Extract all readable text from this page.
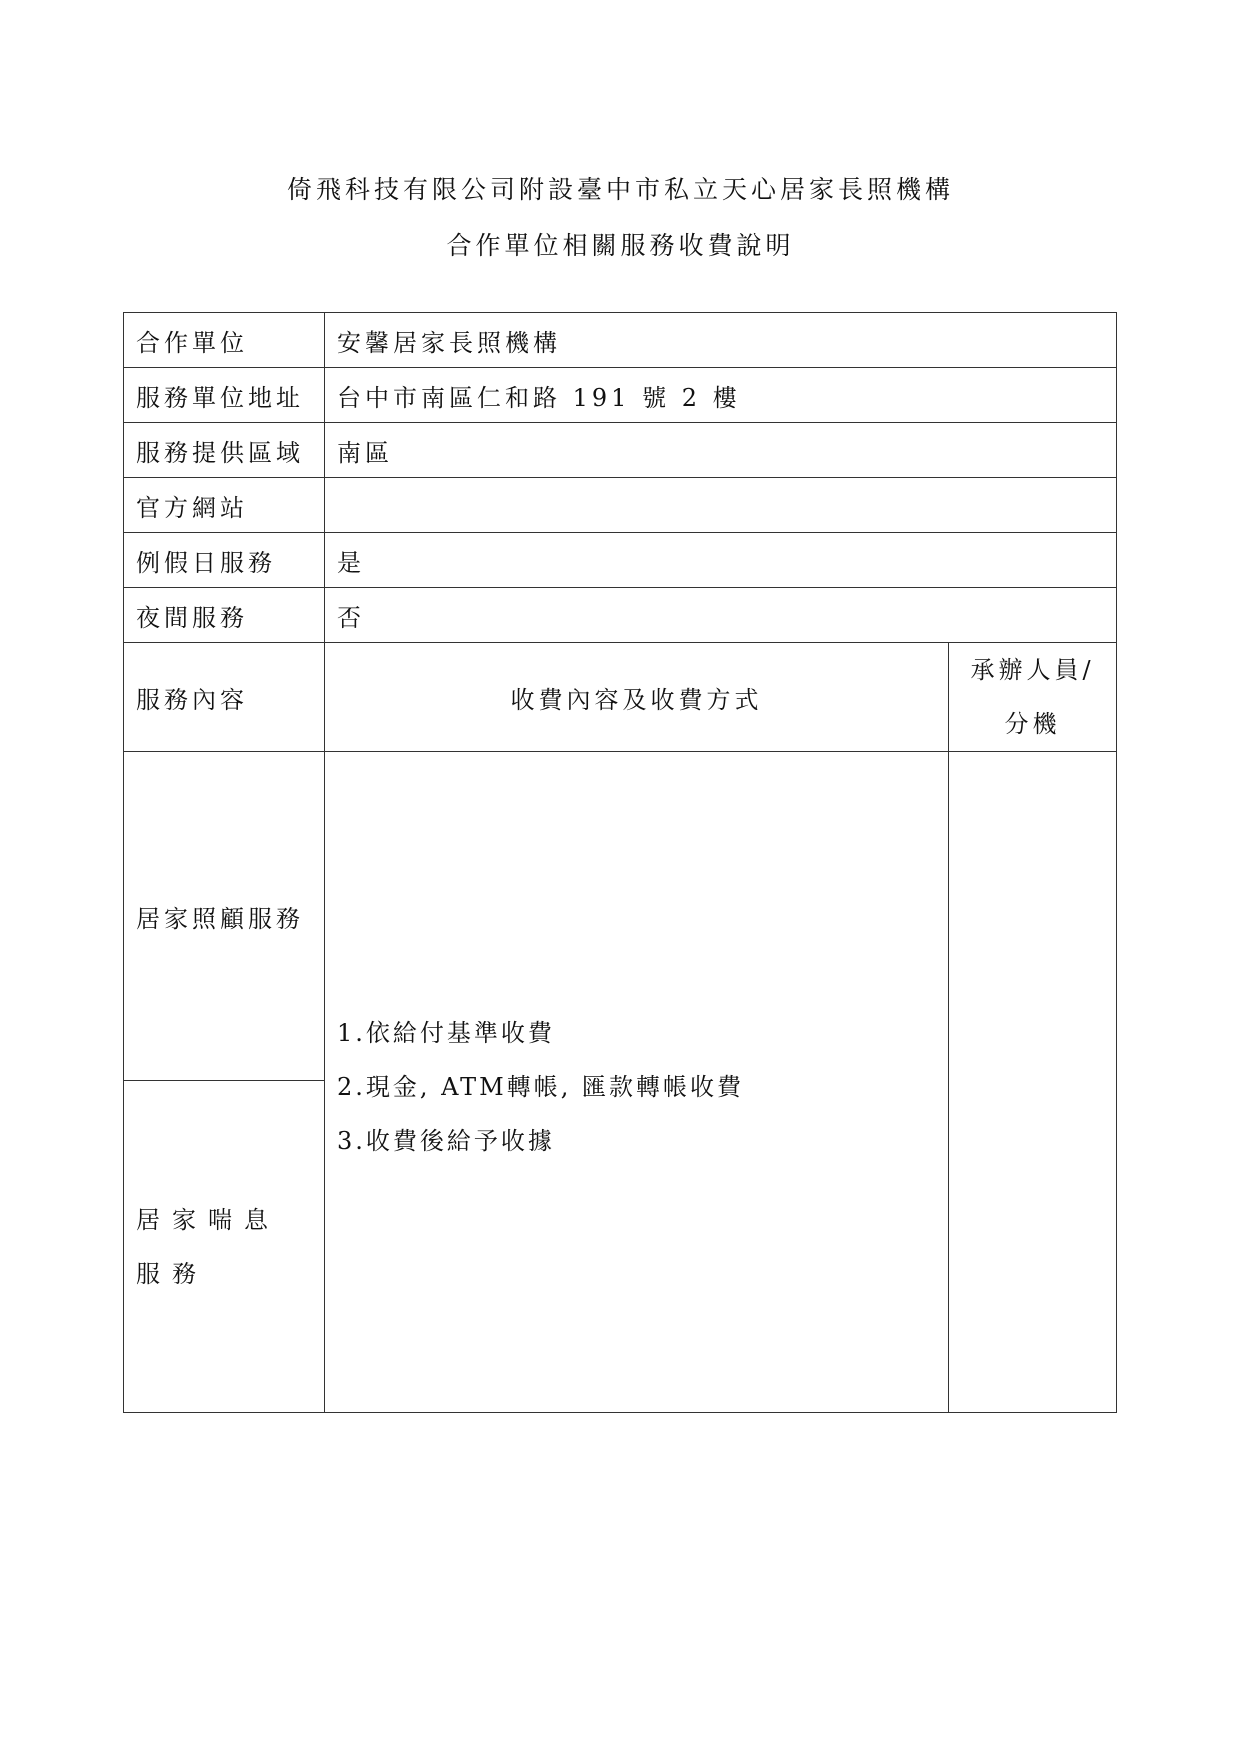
倚飛科技有限公司附設臺中市私立天心居家長照機構
合作單位相關服務收費說明
合作單位	安馨居家長照機構	
服務單位地址	台中市南區仁和路 191 號 2 樓	
服務提供區域	南區	
官方網站		
例假日服務	是	
夜間服務	否	
服務內容	收費內容及收費方式	承辦人員/
分機

居家照顧服務	1.依給付基準收費
2.現金, ATM轉帳, 匯款轉帳收費
3.收費後給予收據	

居家喘息服務		
